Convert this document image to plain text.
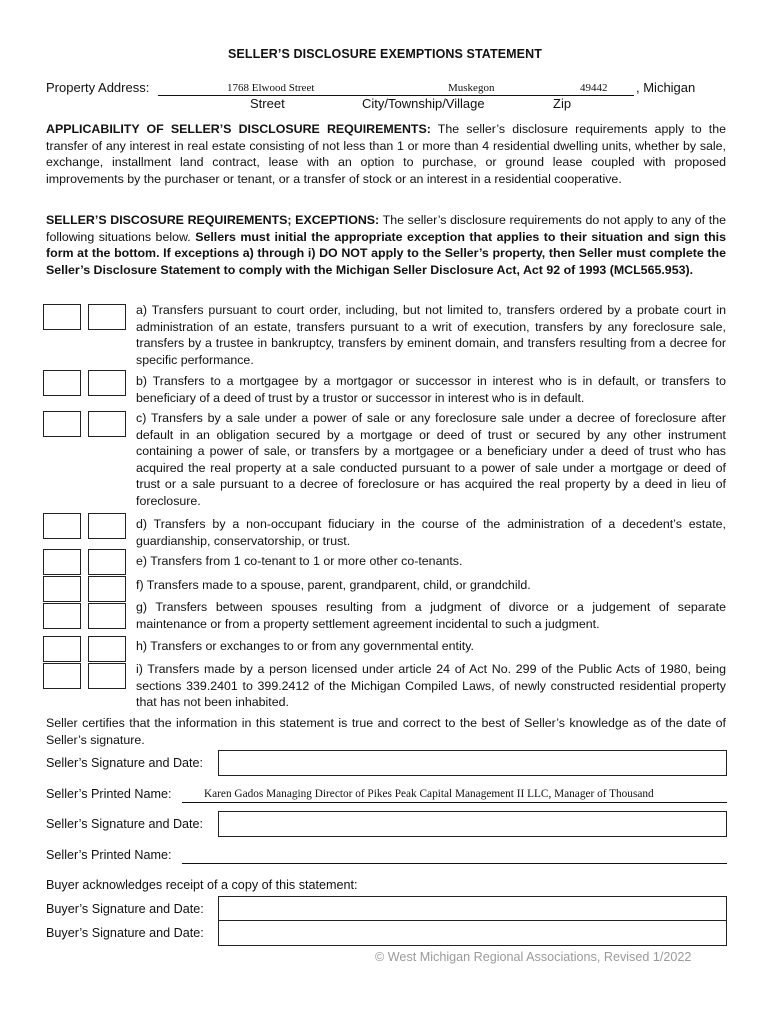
SELLER’S DISCLOSURE EXEMPTIONS STATEMENT
Property Address:	1768 Elwood Street	Muskegon	49442 , Michigan
Street	City/Township/Village	Zip
APPLICABILITY OF SELLER’S DISCLOSURE REQUIREMENTS: The seller’s disclosure requirements apply to the transfer of any interest in real estate consisting of not less than 1 or more than 4 residential dwelling units, whether by sale, exchange, installment land contract, lease with an option to purchase, or ground lease coupled with proposed improvements by the purchaser or tenant, or a transfer of stock or an interest in a residential cooperative.
SELLER’S DISCOSURE REQUIREMENTS; EXCEPTIONS: The seller’s disclosure requirements do not apply to any of the following situations below. Sellers must initial the appropriate exception that applies to their situation and sign this form at the bottom. If exceptions a) through i) DO NOT apply to the Seller’s property, then Seller must complete the Seller’s Disclosure Statement to comply with the Michigan Seller Disclosure Act, Act 92 of 1993 (MCL565.953).
a) Transfers pursuant to court order, including, but not limited to, transfers ordered by a probate court in administration of an estate, transfers pursuant to a writ of execution, transfers by any foreclosure sale, transfers by a trustee in bankruptcy, transfers by eminent domain, and transfers resulting from a decree for specific performance.
b) Transfers to a mortgagee by a mortgagor or successor in interest who is in default, or transfers to beneficiary of a deed of trust by a trustor or successor in interest who is in default.
c) Transfers by a sale under a power of sale or any foreclosure sale under a decree of foreclosure after default in an obligation secured by a mortgage or deed of trust or secured by any other instrument containing a power of sale, or transfers by a mortgagee or a beneficiary under a deed of trust who has acquired the real property at a sale conducted pursuant to a power of sale under a mortgage or deed of trust or a sale pursuant to a decree of foreclosure or has acquired the real property by a deed in lieu of foreclosure.
d) Transfers by a non-occupant fiduciary in the course of the administration of a decedent’s estate, guardianship, conservatorship, or trust.
e) Transfers from 1 co-tenant to 1 or more other co-tenants.
f) Transfers made to a spouse, parent, grandparent, child, or grandchild.
g) Transfers between spouses resulting from a judgment of divorce or a judgement of separate maintenance or from a property settlement agreement incidental to such a judgment.
h) Transfers or exchanges to or from any governmental entity.
i) Transfers made by a person licensed under article 24 of Act No. 299 of the Public Acts of 1980, being sections 339.2401 to 399.2412 of the Michigan Compiled Laws, of newly constructed residential property that has not been inhabited.
Seller certifies that the information in this statement is true and correct to the best of Seller’s knowledge as of the date of Seller’s signature.
Seller’s Signature and Date:
Seller’s Printed Name:	Karen Gados Managing Director of Pikes Peak Capital Management II LLC, Manager of Thousand
Seller’s Signature and Date:
Seller’s Printed Name:
Buyer acknowledges receipt of a copy of this statement:
Buyer’s Signature and Date:
Buyer’s Signature and Date:
© West Michigan Regional Associations, Revised 1/2022
